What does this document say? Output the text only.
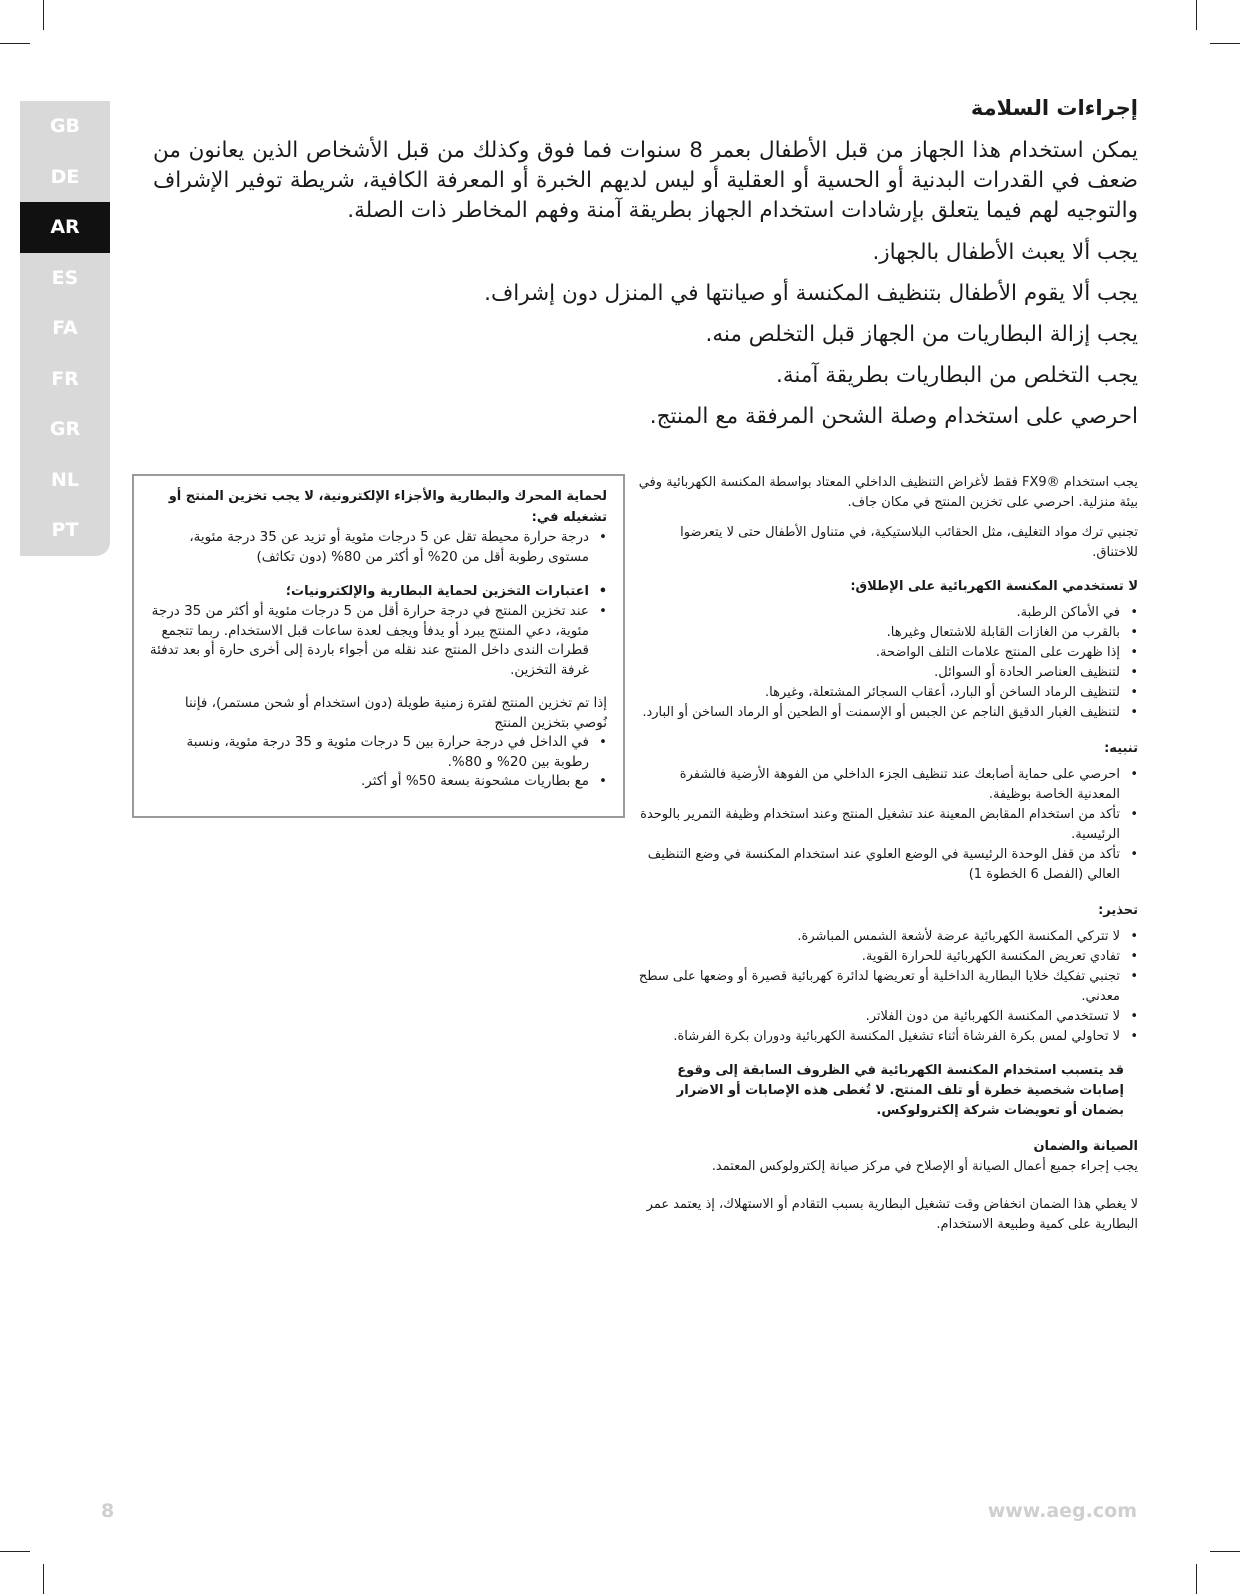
GB
DE
AR
ES
FA
FR
GR
NL
PT
إجراءات السلامة

يمكن استخدام هذا الجهاز من قبل الأطفال بعمر 8 سنوات فما فوق وكذلك من قبل الأشخاص الذين يعانون من ضعف في القدرات البدنية أو الحسية أو العقلية أو ليس لديهم الخبرة أو المعرفة الكافية، شريطة توفير الإشراف والتوجيه لهم فيما يتعلق بإرشادات استخدام الجهاز بطريقة آمنة وفهم المخاطر ذات الصلة.

يجب ألا يعبث الأطفال بالجهاز.

يجب ألا يقوم الأطفال بتنظيف المكنسة أو صيانتها في المنزل دون إشراف.

يجب إزالة البطاريات من الجهاز قبل التخلص منه.

يجب التخلص من البطاريات بطريقة آمنة.

احرصي على استخدام وصلة الشحن المرفقة مع المنتج.

يجب استخدام ®FX9 فقط لأغراض التنظيف الداخلي المعتاد بواسطة المكنسة الكهربائية وفي بيئة منزلية. احرصي على تخزين المنتج في مكان جاف.

تجنبي ترك مواد التغليف، مثل الحقائب البلاستيكية، في متناول الأطفال حتى لا يتعرضوا للاختناق.

لا تستخدمي المكنسة الكهربائية على الإطلاق:
• في الأماكن الرطبة.
• بالقرب من الغازات القابلة للاشتعال وغيرها.
• إذا ظهرت على المنتج علامات التلف الواضحة.
• لتنظيف العناصر الحادة أو السوائل.
• لتنظيف الرماد الساخن أو البارد، أعقاب السجائر المشتعلة، وغيرها.
• لتنظيف الغبار الدقيق الناجم عن الجبس أو الإسمنت أو الطحين أو الرماد الساخن أو البارد.
تنبيه:
• احرصي على حماية أصابعك عند تنظيف الجزء الداخلي من الفوهة الأرضية فالشفرة المعدنية الخاصة بوظيفة.
• تأكد من استخدام المقابض المعينة عند تشغيل المنتج وعند استخدام وظيفة التمرير بالوحدة الرئيسية.
• تأكد من قفل الوحدة الرئيسية في الوضع العلوي عند استخدام المكنسة في وضع التنظيف العالي (الفصل 6 الخطوة 1)
تحذير:
• لا تتركي المكنسة الكهربائية عرضة لأشعة الشمس المباشرة.
• تفادي تعريض المكنسة الكهربائية للحرارة القوية.
• تجنبي تفكيك خلايا البطارية الداخلية أو تعريضها لدائرة كهربائية قصيرة أو وضعها على سطح معدني.
• لا تستخدمي المكنسة الكهربائية من دون الفلاتر.
• لا تحاولي لمس بكرة الفرشاة أثناء تشغيل المكنسة الكهربائية ودوران بكرة الفرشاة.

قد يتسبب استخدام المكنسة الكهربائية في الظروف السابقة إلى وقوع إصابات شخصية خطرة أو تلف المنتج. لا تُغطى هذه الإصابات أو الاضرار بضمان أو تعويضات شركة إلكترولوكس.

الصيانة والضمان

يجب إجراء جميع أعمال الصيانة أو الإصلاح في مركز صيانة إلكترولوكس المعتمد.

لا يغطي هذا الضمان انخفاض وقت تشغيل البطارية بسبب التقادم أو الاستهلاك، إذ يعتمد عمر البطارية على كمية وطبيعة الاستخدام.

لحماية المحرك والبطارية والأجزاء الإلكترونية، لا يجب تخزين المنتج أو تشغيله في:
• درجة حرارة محيطة تقل عن 5 درجات مئوية أو تزيد عن 35 درجة مئوية، مستوى رطوبة أقل من 20% أو أكثر من 80% (دون تكاثف)
• اعتبارات التخزين لحماية البطارية والإلكترونيات؛
• عند تخزين المنتج في درجة حرارة أقل من 5 درجات مئوية أو أكثر من 35 درجة مئوية، دعي المنتج يبرد أو يدفأ ويجف لعدة ساعات قبل الاستخدام. ربما تتجمع قطرات الندى داخل المنتج عند نقله من أجواء باردة إلى أخرى حارة أو بعد تدفئة غرفة التخزين.

إذا تم تخزين المنتج لفترة زمنية طويلة (دون استخدام أو شحن مستمر)، فإننا نُوصي بتخزين المنتج

• في الداخل في درجة حرارة بين 5 درجات مئوية و 35 درجة مئوية، ونسبة رطوبة بين 20% و 80%.
• مع بطاريات مشحونة بسعة 50% أو أكثر.
8	www.aeg.com
